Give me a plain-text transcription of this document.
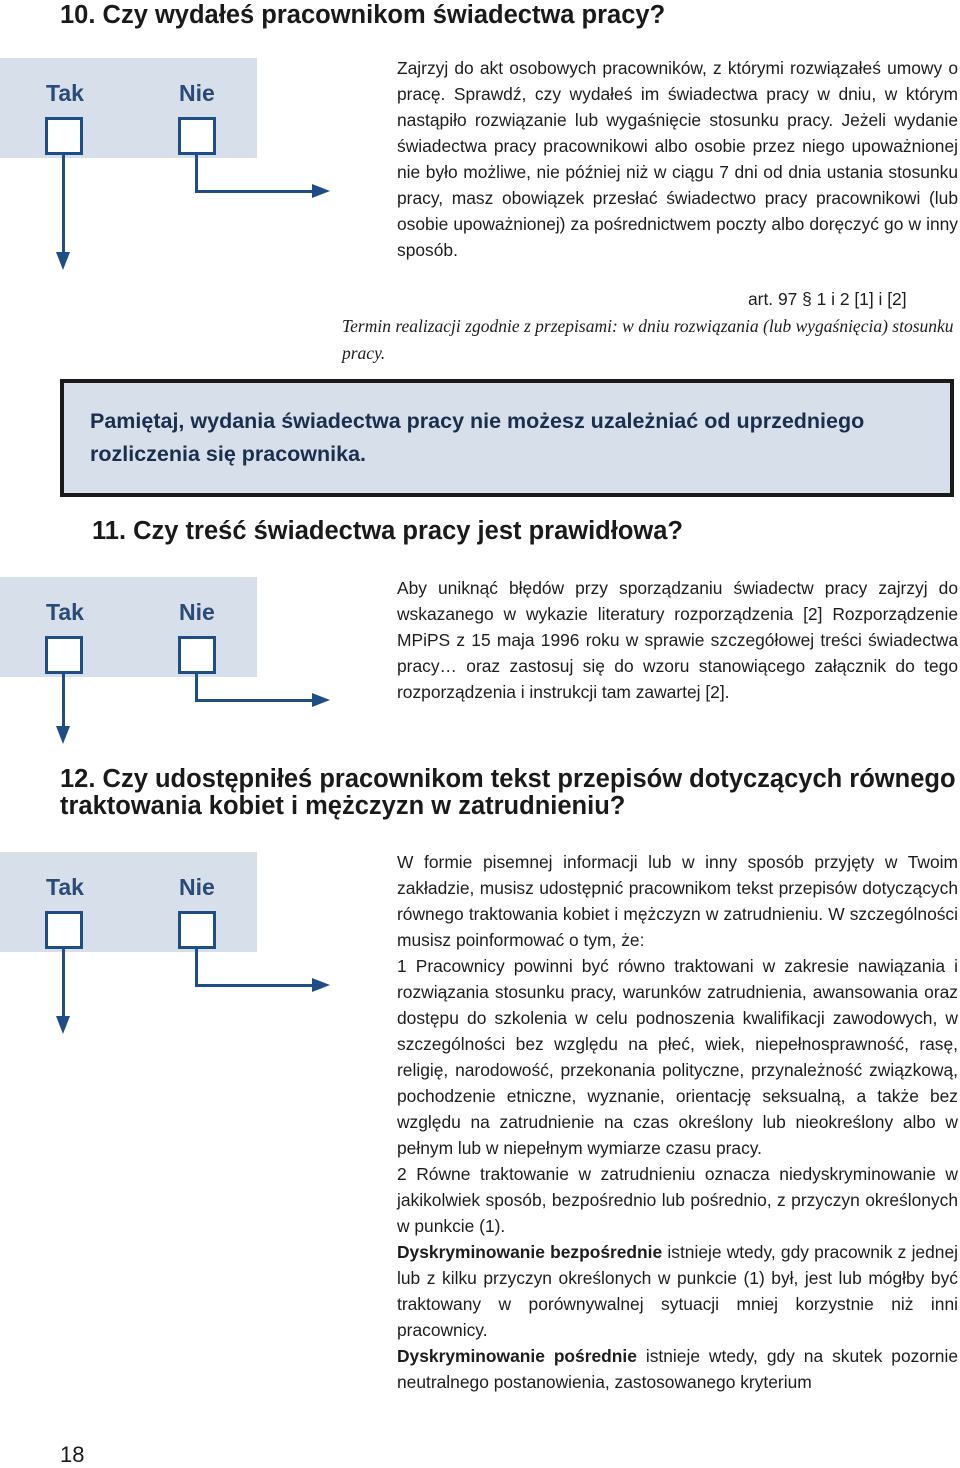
10. Czy wydałeś pracownikom świadectwa pracy?
Tak	Nie

Zajrzyj do akt osobowych pracowników, z którymi rozwiązałeś umowy o pracę. Sprawdź, czy wydałeś im świadectwa pracy w dniu, w którym nastąpiło rozwiązanie lub wygaśnięcie stosunku pracy. Jeżeli wydanie świadectwa pracy pracownikowi albo osobie przez niego upoważnionej nie było możliwe, nie później niż w ciągu 7 dni od dnia ustania stosunku pracy, masz obowiązek przesłać świadectwo pracy pracownikowi (lub osobie upoważnionej) za pośrednictwem poczty albo doręczyć go w inny sposób.

art. 97 § 1 i 2 [1] i [2]
Termin realizacji zgodnie z przepisami: w dniu rozwiązania (lub wygaśnięcia) stosunku pracy.
Pamiętaj, wydania świadectwa pracy nie możesz uzależniać od uprzedniego rozliczenia się pracownika.
11. Czy treść świadectwa pracy jest prawidłowa?
Tak	Nie

Aby uniknąć błędów przy sporządzaniu świadectw pracy zajrzyj do wskazanego w wykazie literatury rozporządzenia [2] Rozporządzenie MPiPS z 15 maja 1996 roku w sprawie szczegółowej treści świadectwa pracy… oraz zastosuj się do wzoru stanowiącego załącznik do tego rozporządzenia i instrukcji tam zawartej [2].

12. Czy udostępniłeś pracownikom tekst przepisów dotyczących równego traktowania kobiet i mężczyzn w zatrudnieniu?
Tak	Nie

W formie pisemnej informacji lub w inny sposób przyjęty w Twoim zakładzie, musisz udostępnić pracownikom tekst przepisów dotyczących równego traktowania kobiet i mężczyzn w zatrudnieniu. W szczególności musisz poinformować o tym, że:

1 Pracownicy powinni być równo traktowani w zakresie nawiązania i rozwiązania stosunku pracy, warunków zatrudnienia, awansowania oraz dostępu do szkolenia w celu podnoszenia kwalifikacji zawodowych, w szczególności bez względu na płeć, wiek, niepełnosprawność, rasę, religię, narodowość, przekonania polityczne, przynależność związkową, pochodzenie etniczne, wyznanie, orientację seksualną, a także bez względu na zatrudnienie na czas określony lub nieokreślony albo w pełnym lub w niepełnym wymiarze czasu pracy.

2 Równe traktowanie w zatrudnieniu oznacza niedyskryminowanie w jakikolwiek sposób, bezpośrednio lub pośrednio, z przyczyn określonych w punkcie (1).

Dyskryminowanie bezpośrednie istnieje wtedy, gdy pracownik z jednej lub z kilku przyczyn określonych w punkcie (1) był, jest lub mógłby być traktowany w porównywalnej sytuacji mniej korzystnie niż inni pracownicy.

Dyskryminowanie pośrednie istnieje wtedy, gdy na skutek pozornie neutralnego postanowienia, zastosowanego kryterium

18
